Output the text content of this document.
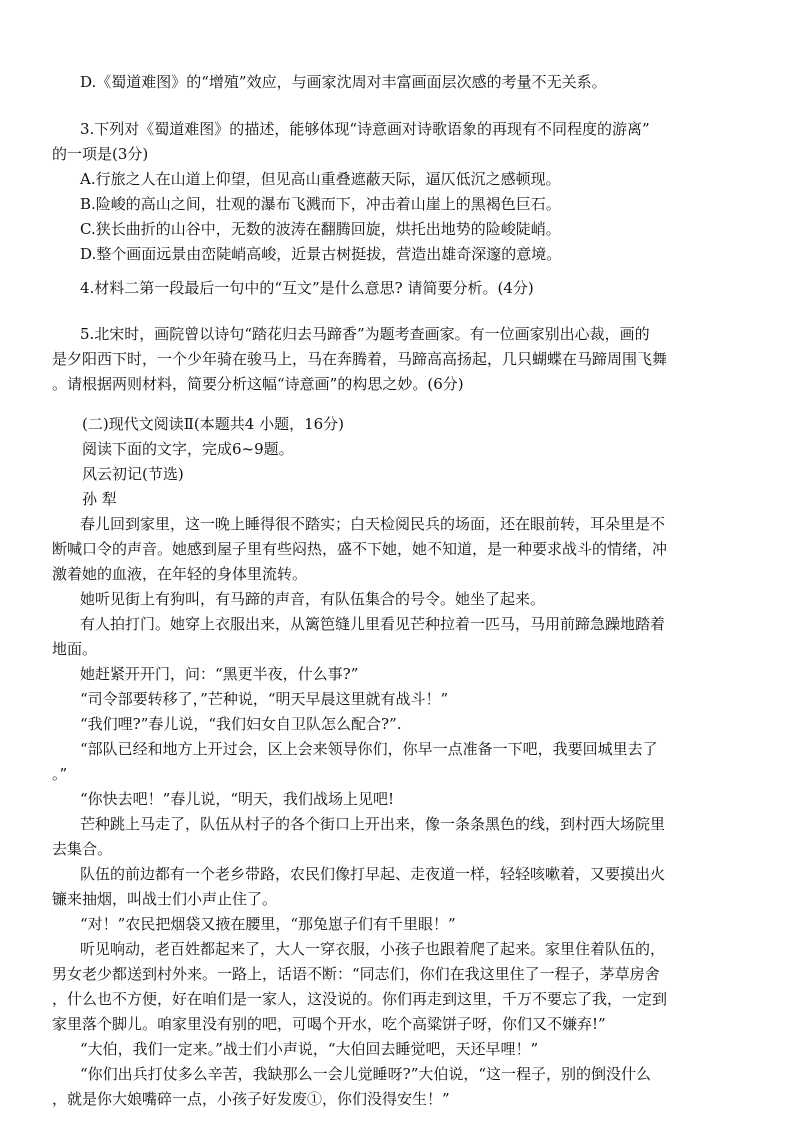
D.《蜀道难图》的“增殖”效应，与画家沈周对丰富画面层次感的考量不无关系。

3.下列对《蜀道难图》的描述，能够体现“诗意画对诗歌语象的再现有不同程度的游离”
的一项是(3分)
A.行旅之人在山道上仰望，但见高山重叠遮蔽天际，逼仄低沉之感顿现。
B.险峻的高山之间，壮观的瀑布飞溅而下，冲击着山崖上的黑褐色巨石。
C.狭长曲折的山谷中，无数的波涛在翻腾回旋，烘托出地势的险峻陡峭。
D.整个画面远景由峦陡峭高峻，近景古树挺拔，营造出雄奇深邃的意境。

4.材料二第一段最后一句中的“互文”是什么意思? 请简要分析。(4分)

5.北宋时，画院曾以诗句“踏花归去马蹄香”为题考查画家。有一位画家别出心裁，画的
是夕阳西下时，一个少年骑在骏马上，马在奔腾着，马蹄高高扬起，几只蝴蝶在马蹄周围飞舞
。请根据两则材料，简要分析这幅“诗意画”的构思之妙。(6分)
(二)现代文阅读Ⅱ(本题共4 小题，16分)
阅读下面的文字，完成6~9题。
风云初记(节选)
孙 犁
春儿回到家里，这一晚上睡得很不踏实；白天检阅民兵的场面，还在眼前转，耳朵里是不
断喊口令的声音。她感到屋子里有些闷热，盛不下她，她不知道，是一种要求战斗的情绪，冲
激着她的血液，在年轻的身体里流转。
她听见街上有狗叫，有马蹄的声音，有队伍集合的号令。她坐了起来。
有人拍打门。她穿上衣服出来，从篱笆缝儿里看见芒种拉着一匹马，马用前蹄急躁地踏着
地面。
她赶紧开开门，问：“黑更半夜，什么事?”
“司令部要转移了，”芒种说，“明天早晨这里就有战斗！”
“我们哩?”春儿说，“我们妇女自卫队怎么配合?”.
“部队已经和地方上开过会，区上会来领导你们，你早一点准备一下吧，我要回城里去了
。”
“你快去吧！”春儿说，“明天，我们战场上见吧!
芒种跳上马走了，队伍从村子的各个街口上开出来，像一条条黑色的线，到村西大场院里
去集合。
队伍的前边都有一个老乡带路，农民们像打早起、走夜道一样，轻轻咳嗽着，又要摸出火
镰来抽烟，叫战士们小声止住了。
“对！”农民把烟袋又掖在腰里，“那兔崽子们有千里眼！”
听见响动，老百姓都起来了，大人一穿衣服，小孩子也跟着爬了起来。家里住着队伍的，
男女老少都送到村外来。一路上，话语不断：“同志们，你们在我这里住了一程子，茅草房舍
，什么也不方便，好在咱们是一家人，这没说的。你们再走到这里，千万不要忘了我，一定到
家里落个脚儿。咱家里没有别的吧，可喝个开水，吃个高粱饼子呀，你们又不嫌弃!”
“大伯，我们一定来。”战士们小声说，“大伯回去睡觉吧，天还早哩！”
“你们出兵打仗多么辛苦，我缺那么一会儿觉睡呀?”大伯说，“这一程子，别的倒没什么
，就是你大娘嘴碎一点，小孩子好发废①，你们没得安生！”
